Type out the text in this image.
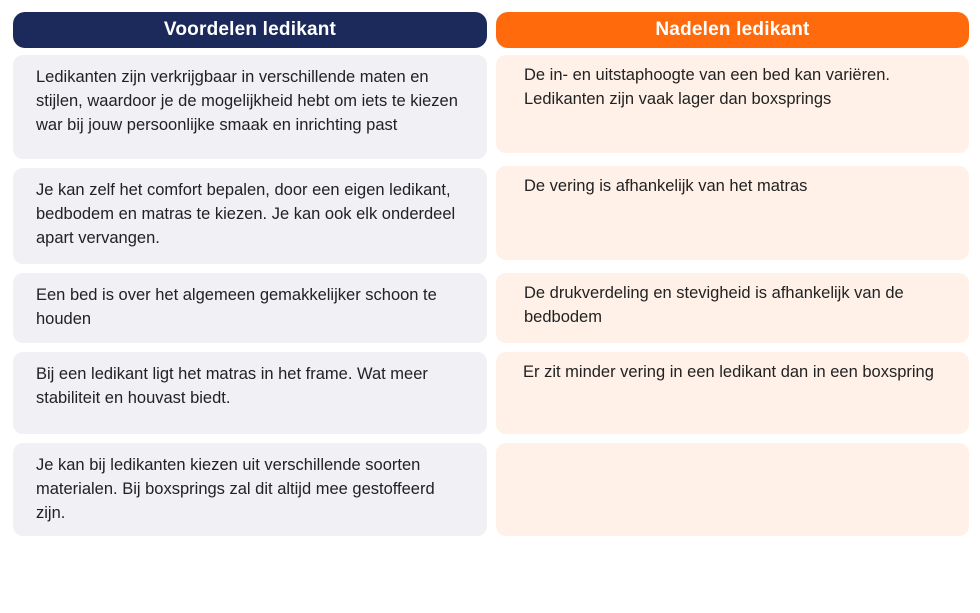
Voordelen ledikant	Nadelen ledikant
Ledikanten zijn verkrijgbaar in verschillende maten en stijlen, waardoor je de mogelijkheid hebt om iets te kiezen war bij jouw persoonlijke smaak en inrichting past
Je kan zelf het comfort bepalen, door een eigen ledikant, bedbodem en matras te kiezen. Je kan ook elk onderdeel apart vervangen.
Een bed is over het algemeen gemakkelijker schoon te houden
Bij een ledikant ligt het matras in het frame. Wat meer stabiliteit en houvast biedt.
Je kan bij ledikanten kiezen uit verschillende soorten materialen. Bij boxsprings zal dit altijd mee gestoffeerd zijn.
De in- en uitstaphoogte van een bed kan variëren. Ledikanten zijn vaak lager dan boxsprings
De vering is afhankelijk van het matras
De drukverdeling en stevigheid is afhankelijk van de bedbodem
Er zit minder vering in een ledikant dan in een boxspring
